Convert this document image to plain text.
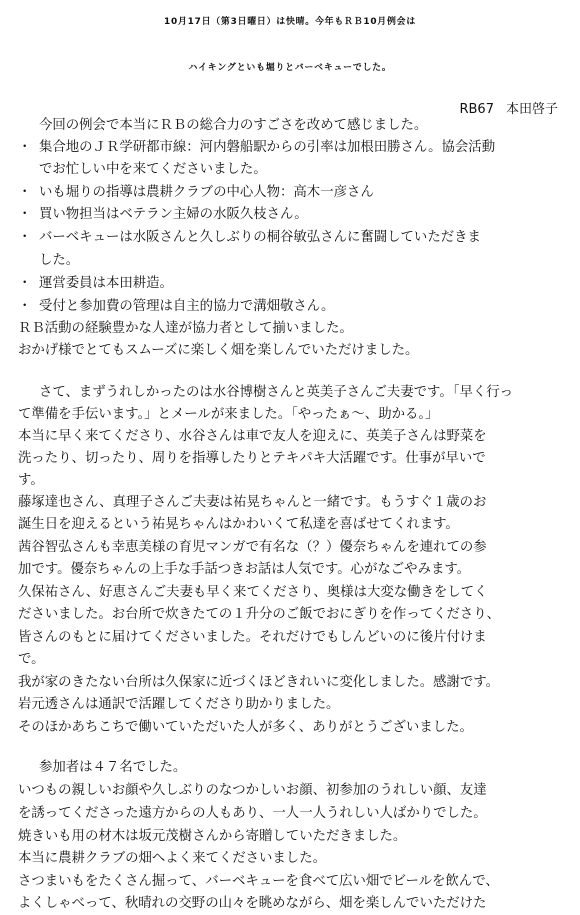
10月17日（第3日曜日）は快晴。今年もＲＢ10月例会は
ハイキングといも堀りとバーベキューでした。
RB67 本田啓子
今回の例会で本当にＲＢの総合力のすごさを改めて感じました。
・ 集合地のＪＲ学研都市線：河内磐船駅からの引率は加根田勝さん。協会活動
でお忙しい中を来てくださいました。
・ いも堀りの指導は農耕クラブの中心人物：高木一彦さん
・ 買い物担当はベテラン主婦の水阪久枝さん。
・ バーベキューは水阪さんと久しぶりの桐谷敏弘さんに奮闘していただきま
した。
・ 運営委員は本田耕造。
・ 受付と参加費の管理は自主的協力で溝畑敬さん。
ＲＢ活動の経験豊かな人達が協力者として揃いました。
おかげ様でとてもスムーズに楽しく畑を楽しんでいただけました。
さて、まずうれしかったのは水谷博樹さんと英美子さんご夫妻です。「早く行っ
て準備を手伝います。」とメールが来ました。「やったぁ～、助かる。」
本当に早く来てくださり、水谷さんは車で友人を迎えに、英美子さんは野菜を
洗ったり、切ったり、周りを指導したりとテキパキ大活躍です。仕事が早いで
す。
藤塚達也さん、真理子さんご夫妻は祐晃ちゃんと一緒です。もうすぐ１歳のお
誕生日を迎えるという祐晃ちゃんはかわいくて私達を喜ばせてくれます。
茜谷智弘さんも幸恵美様の育児マンガで有名な（？）優奈ちゃんを連れての参
加です。優奈ちゃんの上手な手話つきお話は人気です。心がなごやみます。
久保祐さん、好恵さんご夫妻も早く来てくださり、奥様は大変な働きをしてく
ださいました。お台所で炊きたての１升分のご飯でおにぎりを作ってくださり、
皆さんのもとに届けてくださいました。それだけでもしんどいのに後片付けま
で。
我が家のきたない台所は久保家に近づくほどきれいに変化しました。感謝です。
岩元透さんは通訳で活躍してくださり助かりました。
そのほかあちこちで働いていただいた人が多く、ありがとうございました。
参加者は４７名でした。
いつもの親しいお顔や久しぶりのなつかしいお顔、初参加のうれしい顔、友達
を誘ってくださった遠方からの人もあり、一人一人うれしい人ばかりでした。
焼きいも用の材木は坂元茂樹さんから寄贈していただきました。
本当に農耕クラブの畑へよく来てくださいました。
さつまいもをたくさん掘って、バーベキューを食べて広い畑でビールを飲んで、
よくしゃべって、秋晴れの交野の山々を眺めながら、畑を楽しんでいただけた
